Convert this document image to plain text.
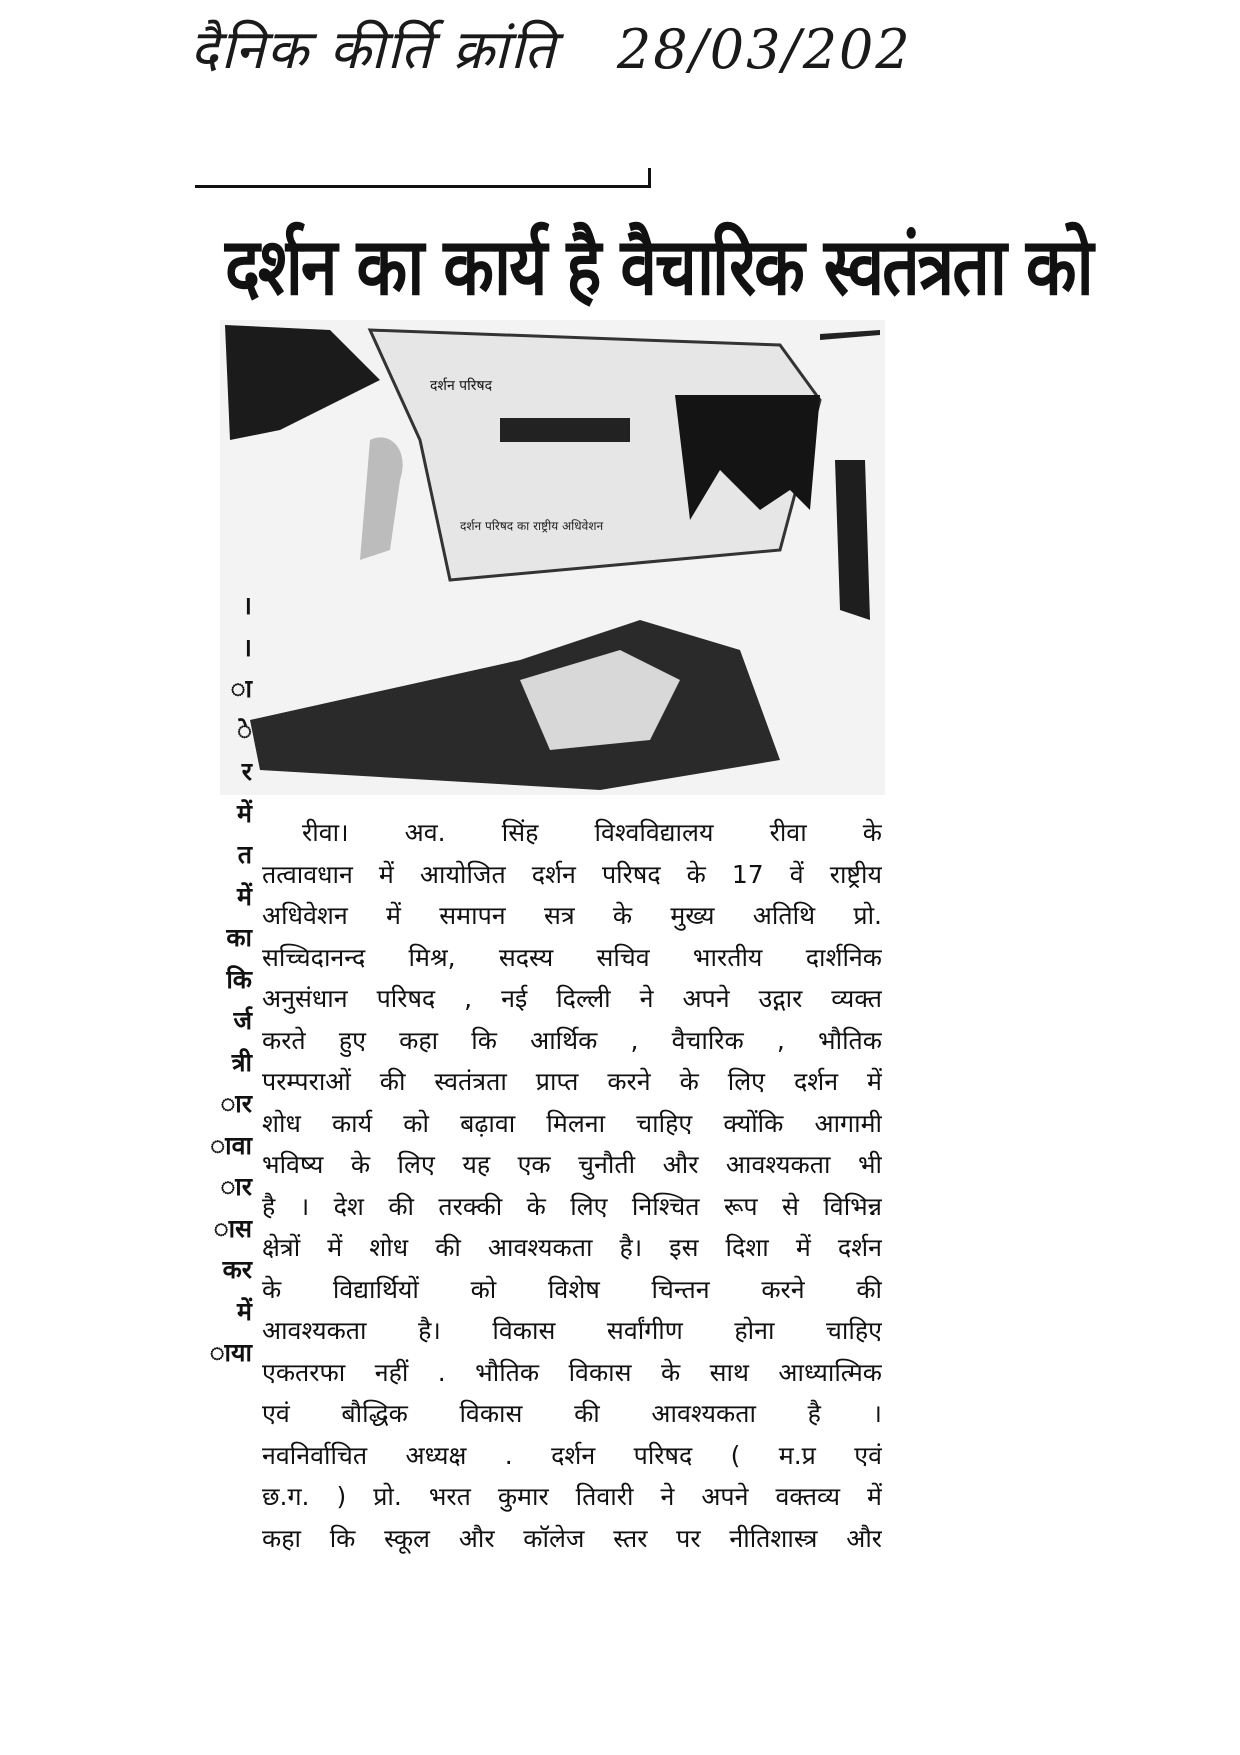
दैनिक कीर्ति क्रांति 28/03/202
दर्शन का कार्य है वैचारिक स्वतंत्रता को
दर्शन परिषद
दर्शन परिषद का राष्ट्रीय अधिवेशन
रीवा। अव. सिंह विश्वविद्यालय रीवा के
तत्वावधान में आयोजित दर्शन परिषद के 17 वें राष्ट्रीय
अधिवेशन में समापन सत्र के मुख्य अतिथि प्रो.
सच्चिदानन्द मिश्र, सदस्य सचिव भारतीय दार्शनिक
अनुसंधान परिषद , नई दिल्ली ने अपने उद्गार व्यक्त
करते हुए कहा कि आर्थिक , वैचारिक , भौतिक
परम्पराओं की स्वतंत्रता प्राप्त करने के लिए दर्शन में
शोध कार्य को बढ़ावा मिलना चाहिए क्योंकि आगामी
भविष्य के लिए यह एक चुनौती और आवश्यकता भी
है । देश की तरक्की के लिए निश्चित रूप से विभिन्न
क्षेत्रों में शोध की आवश्यकता है। इस दिशा में दर्शन
के विद्यार्थियों को विशेष चिन्तन करने की
आवश्यकता है। विकास सर्वांगीण होना चाहिए
एकतरफा नहीं . भौतिक विकास के साथ आध्यात्मिक
एवं बौद्धिक विकास की आवश्यकता है ।
नवनिर्वाचित अध्यक्ष . दर्शन परिषद ( म.प्र एवं
छ.ग. ) प्रो. भरत कुमार तिवारी ने अपने वक्तव्य में
कहा कि स्कूल और कॉलेज स्तर पर नीतिशास्त्र और
।
।
ा
े
र
में
त
में
का
कि
र्ज
त्री
ार
ावा
ार
ास
कर
में
ाया
